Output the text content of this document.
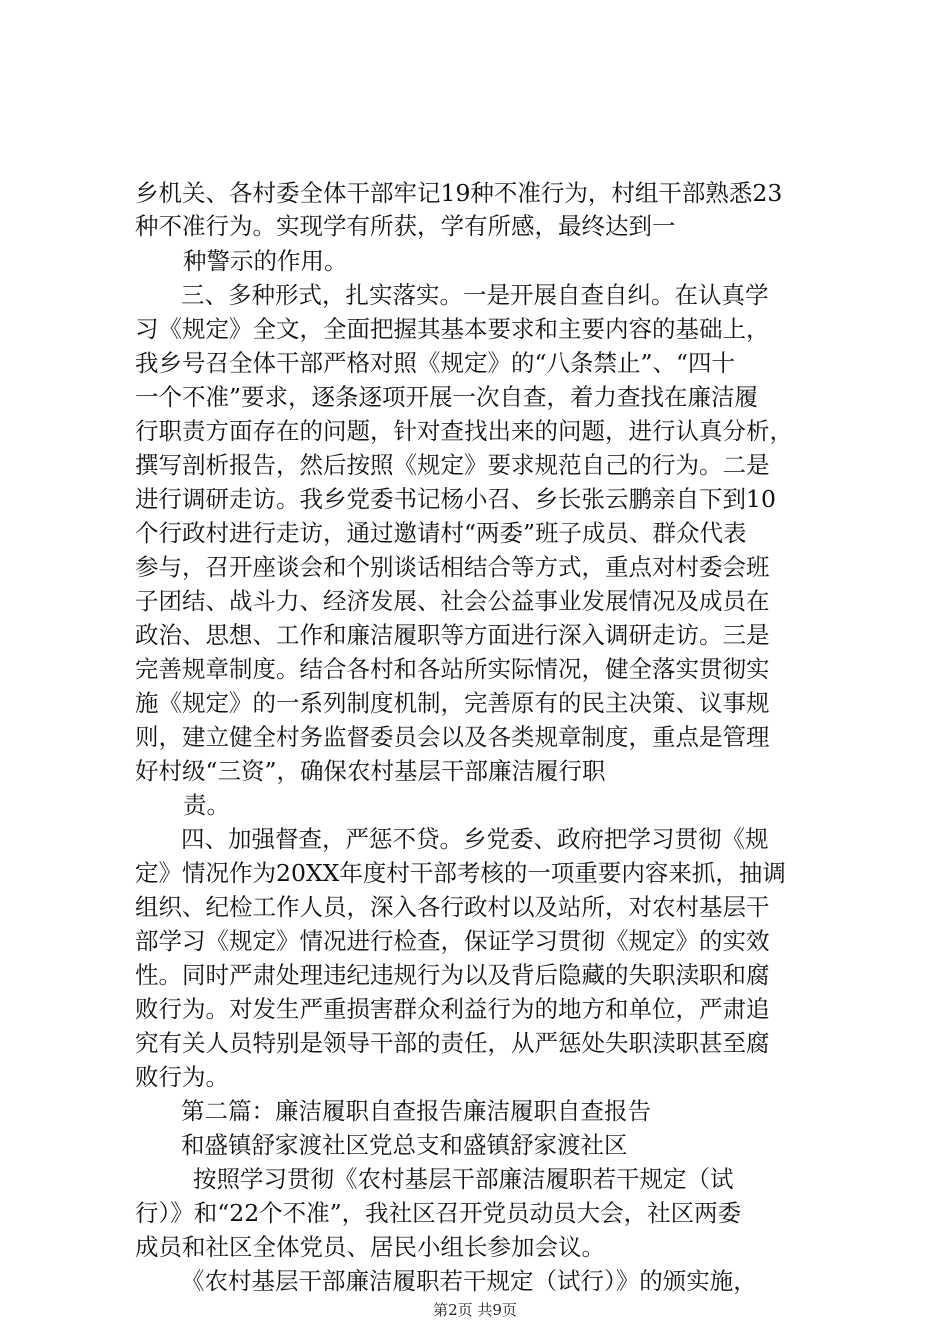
乡机关、各村委全体干部牢记19种不准行为，村组干部熟悉23
种不准行为。实现学有所获，学有所感，最终达到一
种警示的作用。
三、多种形式，扎实落实。一是开展自查自纠。在认真学
习《规定》全文，全面把握其基本要求和主要内容的基础上，
我乡号召全体干部严格对照《规定》的“八条禁止”、“四十
一个不准”要求，逐条逐项开展一次自查，着力查找在廉洁履
行职责方面存在的问题，针对查找出来的问题，进行认真分析，
撰写剖析报告，然后按照《规定》要求规范自己的行为。二是
进行调研走访。我乡党委书记杨小召、乡长张云鹏亲自下到10
个行政村进行走访，通过邀请村“两委”班子成员、群众代表
参与，召开座谈会和个别谈话相结合等方式，重点对村委会班
子团结、战斗力、经济发展、社会公益事业发展情况及成员在
政治、思想、工作和廉洁履职等方面进行深入调研走访。三是
完善规章制度。结合各村和各站所实际情况，健全落实贯彻实
施《规定》的一系列制度机制，完善原有的民主决策、议事规
则，建立健全村务监督委员会以及各类规章制度，重点是管理
好村级“三资”，确保农村基层干部廉洁履行职
责。
四、加强督查，严惩不贷。乡党委、政府把学习贯彻《规
定》情况作为20XX年度村干部考核的一项重要内容来抓，抽调
组织、纪检工作人员，深入各行政村以及站所，对农村基层干
部学习《规定》情况进行检查，保证学习贯彻《规定》的实效
性。同时严肃处理违纪违规行为以及背后隐藏的失职渎职和腐
败行为。对发生严重损害群众利益行为的地方和单位，严肃追
究有关人员特别是领导干部的责任，从严惩处失职渎职甚至腐
败行为。
第二篇：廉洁履职自查报告廉洁履职自查报告
和盛镇舒家渡社区党总支和盛镇舒家渡社区
按照学习贯彻《农村基层干部廉洁履职若干规定（试
行）》和“22个不准”，我社区召开党员动员大会，社区两委
成员和社区全体党员、居民小组长参加会议。
《农村基层干部廉洁履职若干规定（试行）》的颁实施，
第2页 共9页
